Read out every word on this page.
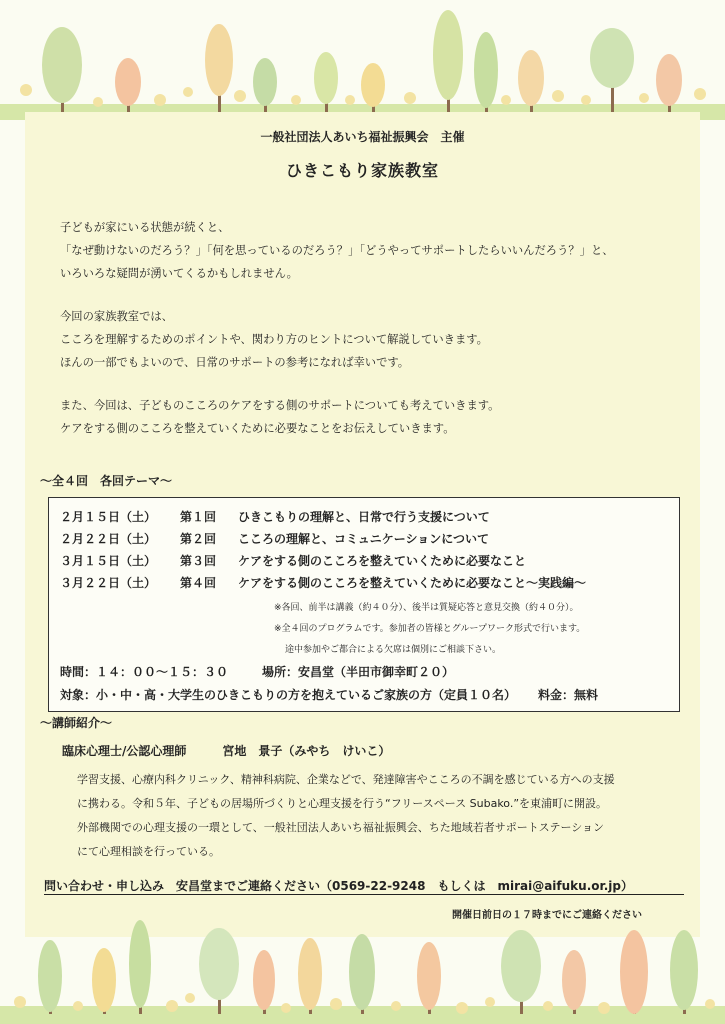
一般社団法人あいち福祉振興会　主催
ひきこもり家族教室
子どもが家にいる状態が続くと、
「なぜ動けないのだろう？」「何を思っているのだろう？」「どうやってサポートしたらいいんだろう？」と、
いろいろな疑問が湧いてくるかもしれません。
今回の家族教室では、
こころを理解するためのポイントや、関わり方のヒントについて解説していきます。
ほんの一部でもよいので、日常のサポートの参考になれば幸いです。
また、今回は、子どものこころのケアをする側のサポートについても考えていきます。
ケアをする側のこころを整えていくために必要なことをお伝えしていきます。
～全４回　各回テーマ～
２月１５日（土） 第１回 ひきこもりの理解と、日常で行う支援について
２月２２日（土） 第２回 こころの理解と、コミュニケーションについて
３月１５日（土） 第３回 ケアをする側のこころを整えていくために必要なこと
３月２２日（土） 第４回 ケアをする側のこころを整えていくために必要なこと～実践編～
※各回、前半は講義（約４０分）、後半は質疑応答と意見交換（約４０分）。
※全４回のプログラムです。参加者の皆様とグループワーク形式で行います。
途中参加やご都合による欠席は個別にご相談下さい。
時間：１４：００～１５：３０	場所：安昌堂（半田市御幸町２０）
対象：小・中・高・大学生のひきこもりの方を抱えているご家族の方（定員１０名） 料金：無料
～講師紹介～
臨床心理士/公認心理師	宮地　景子（みやち　けいこ）
学習支援、心療内科クリニック、精神科病院、企業などで、発達障害やこころの不調を感じている方への支援
に携わる。令和５年、子どもの居場所づくりと心理支援を行う“フリースペース Subako.”を東浦町に開設。
外部機関での心理支援の一環として、一般社団法人あいち福祉振興会、ちた地域若者サポートステーション
にて心理相談を行っている。
問い合わせ・申し込み　安昌堂までご連絡ください（0569-22-9248　もしくは　mirai@aifuku.or.jp）
開催日前日の１７時までにご連絡ください
